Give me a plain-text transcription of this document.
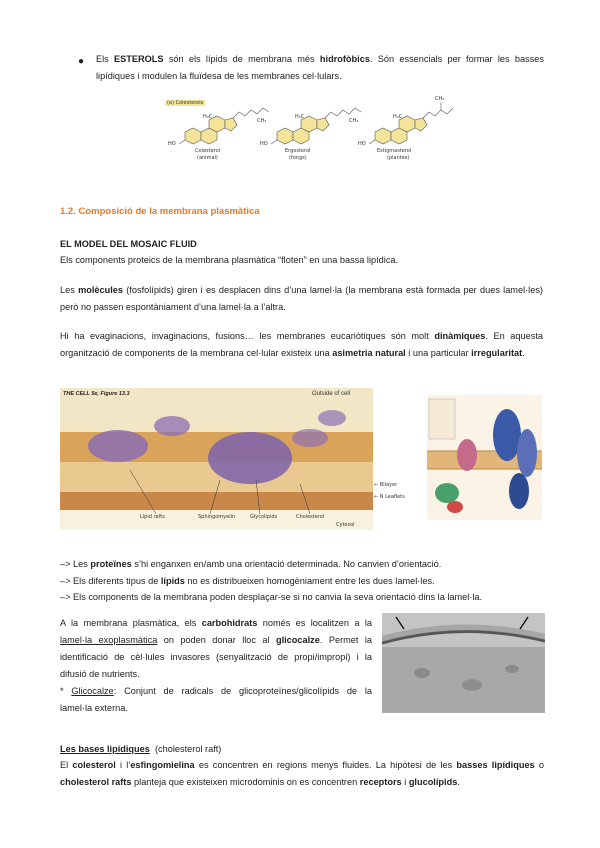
● Els ESTEROLS són els lípids de membrana més hidrofòbics. Són essencials per formar les basses lipídiques i modulen la fluïdesa de les membranes cel·lulars.
(e) Colesterols
HO	HO	HO
H₃C	H₃C	H₃C
CH₃	CH₃
CH₃
Colesterol
(animal)
Ergosterol
(fongs)
Estigmasterol
(plantes)
1.2. Composició de la membrana plasmàtica
EL MODEL DEL MOSAIC FLUID
Els components proteics de la membrana plasmàtica “floten” en una bassa lipídica.
Les molècules (fosfolípids) giren i es desplacen dins d’una lamel·la (la membrana està formada per dues lamel·les) però no passen espontàniament d’una lamel·la a l’altra.
Hi ha evaginacions, invaginacions, fusions… les membranes eucariòtiques són molt dinàmiques. En aquesta organització de components de la membrana cel·lular existeix una asimetria natural i una particular irregularitat.
THE CELL 5e, Figure 13.3	Outside of cell
Lipid rafts	Sphingomyelin	Glycolipids	Cholesterol
Cytosol
← Bilayer
← N Leaflets
–> Les proteïnes s’hi enganxen en/amb una orientació determinada. No canvien d’orientació.
–> Els diferents tipus de lípids no es distribueixen homogèniament entre les dues lamel·les.
–> Els components de la membrana poden desplaçar-se si no canvia la seva orientació dins la lamel·la.
A la membrana plasmàtica, els carbohidrats només es localitzen a la
lamel·la exoplasmàtica on poden donar lloc al glicocalze. Permet la
identificació de cèl·lules invasores (senyalització de propi/impropi) i la
difusió de nutrients.
* Glicocalze: Conjunt de radicals de glicoproteïnes/glicolípids de la
lamel·la externa.
Les bases lipídiques  (cholesterol raft)
El colesterol i l’esfingomielina es concentren en regions menys fluides. La hipòtesi de les basses lipídiques o
cholesterol rafts planteja que existeixen microdominis on es concentren receptors i glucolípids.
